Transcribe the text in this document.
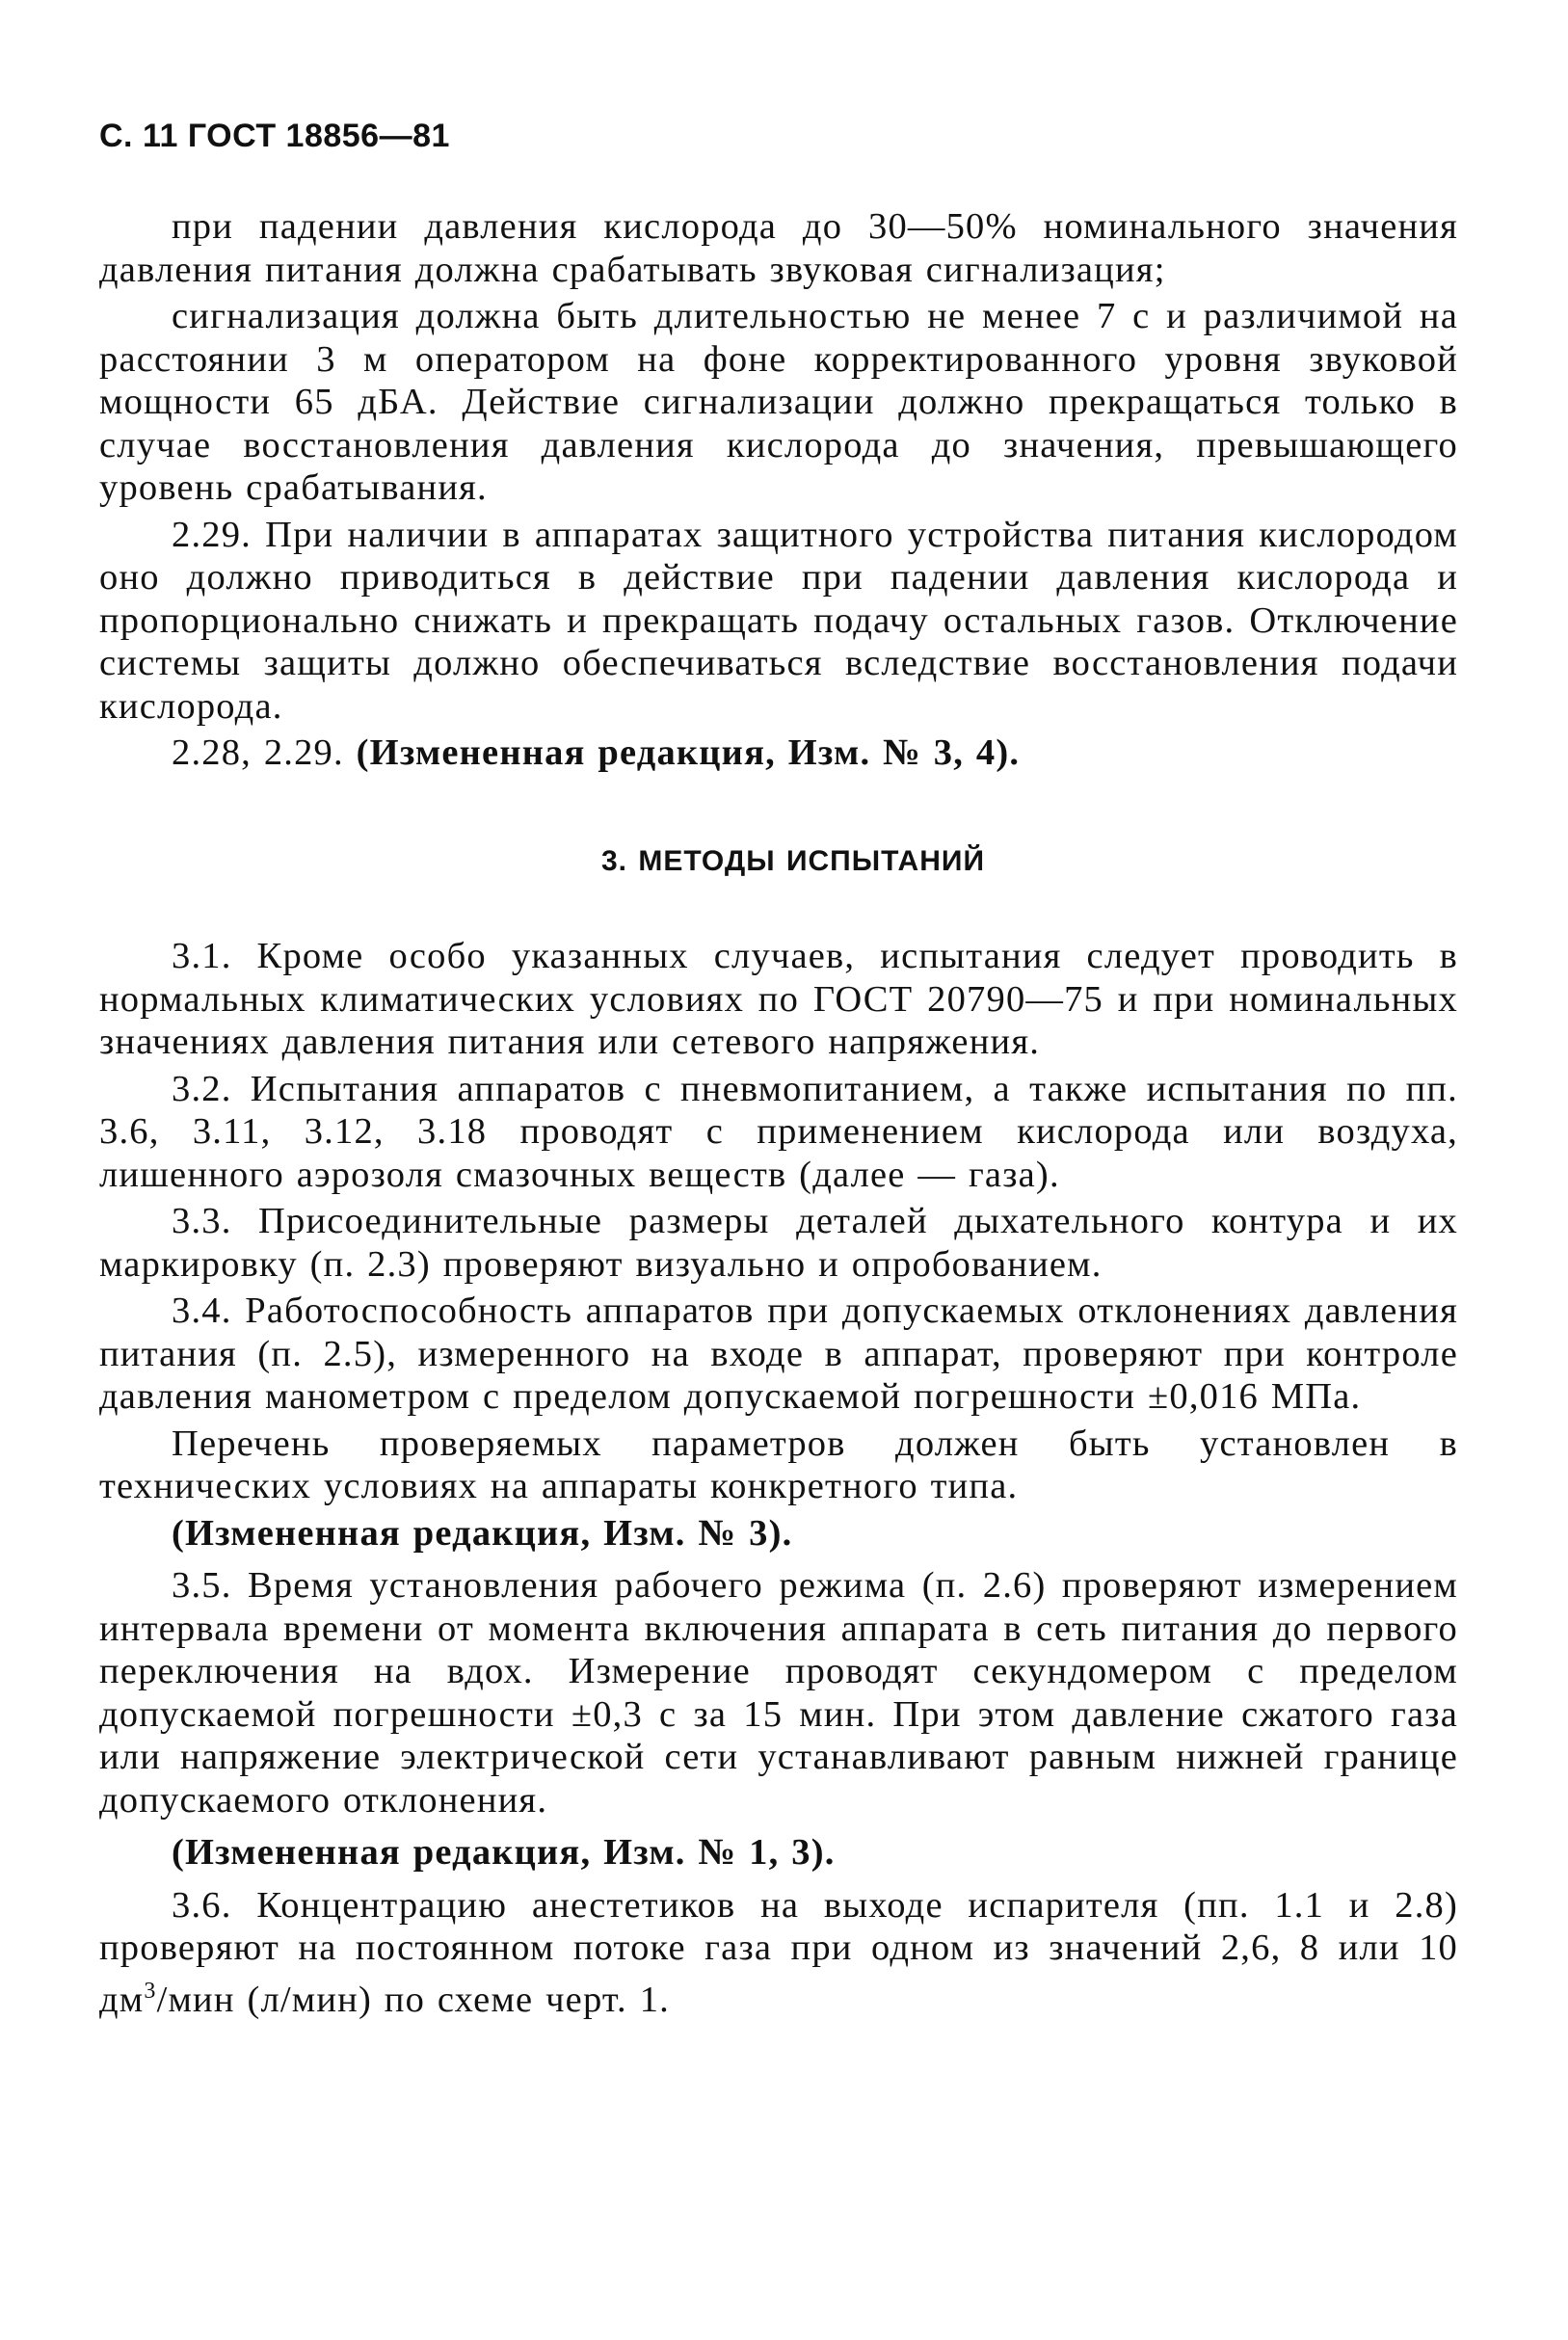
С. 11 ГОСТ 18856—81

при падении давления кислорода до 30—50% номинального значения давления питания должна срабатывать звуковая сигнализация;

сигнализация должна быть длительностью не менее 7 с и различимой на расстоянии 3 м оператором на фоне корректированного уровня звуковой мощности 65 дБА. Действие сигнализации должно прекращаться только в случае восстановления давления кислорода до значения, превышающего уровень срабатывания.

2.29. При наличии в аппаратах защитного устройства питания кислородом оно должно приводиться в действие при падении давления кислорода и пропорционально снижать и прекращать подачу остальных газов. Отключение системы защиты должно обеспечиваться вследствие восстановления подачи кислорода.

2.28, 2.29. (Измененная редакция, Изм. № 3, 4).

3. МЕТОДЫ ИСПЫТАНИЙ

3.1. Кроме особо указанных случаев, испытания следует проводить в нормальных климатических условиях по ГОСТ 20790—75 и при номинальных значениях давления питания или сетевого напряжения.

3.2. Испытания аппаратов с пневмопитанием, а также испытания по пп. 3.6, 3.11, 3.12, 3.18 проводят с применением кислорода или воздуха, лишенного аэрозоля смазочных веществ (далее — газа).

3.3. Присоединительные размеры деталей дыхательного контура и их маркировку (п. 2.3) проверяют визуально и опробованием.

3.4. Работоспособность аппаратов при допускаемых отклонениях давления питания (п. 2.5), измеренного на входе в аппарат, проверяют при контроле давления манометром с пределом допускаемой погрешности ±0,016 МПа.

Перечень проверяемых параметров должен быть установлен в технических условиях на аппараты конкретного типа.

(Измененная редакция, Изм. № 3).

3.5. Время установления рабочего режима (п. 2.6) проверяют измерением интервала времени от момента включения аппарата в сеть питания до первого переключения на вдох. Измерение проводят секундомером с пределом допускаемой погрешности ±0,3 с за 15 мин. При этом давление сжатого газа или напряжение электрической сети устанавливают равным нижней границе допускаемого отклонения.

(Измененная редакция, Изм. № 1, 3).

3.6. Концентрацию анестетиков на выходе испарителя (пп. 1.1 и 2.8) проверяют на постоянном потоке газа при одном из значений 2,6, 8 или 10 $дм^3$/мин (л/мин) по схеме черт. 1.
